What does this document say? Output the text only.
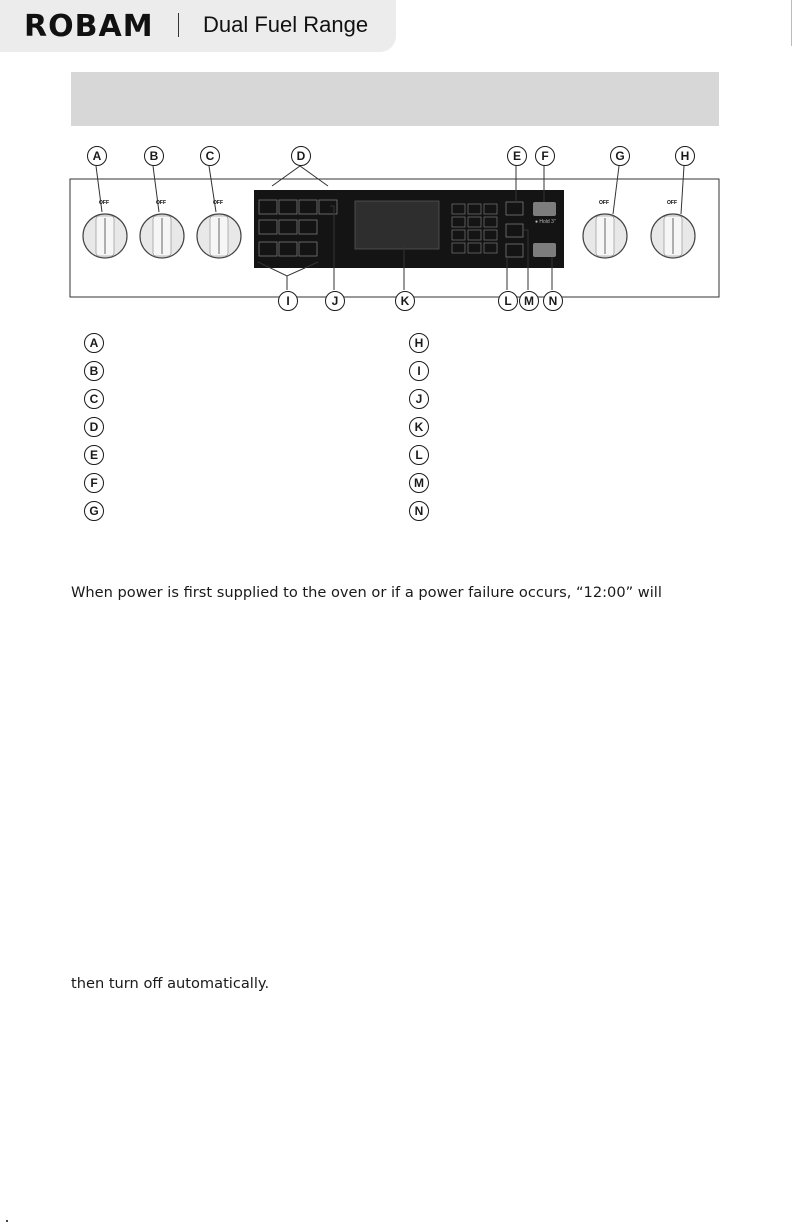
ROBAM Dual Fuel Range
● Hold 3"
OFF	OFF	OFF	OFF	OFF
A	B	C	D	E	F	G	H
I	J	K	L	M	N
A
B
C
D
E
F
G
H
I
J
K
L
M
N
When power is first supplied to the oven or if a power failure occurs, “12:00” will
then turn off automatically.
